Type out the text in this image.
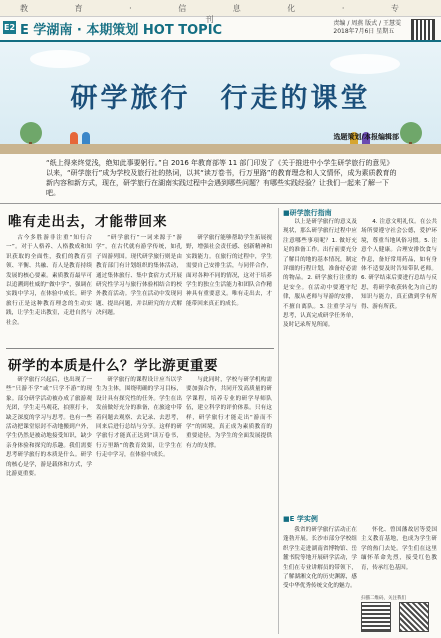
教 育 · 信 息 化 · 专 刊
E2 E 学湖南 · 本期策划 HOT TOPIC	责编 / 周燕 版式 / 王慧雯
2018年7月6日 星期五
研学旅行　行走的课堂
选题策划/本报编辑部
“纸上得来终觉浅，绝知此事要躬行。”自 2016 年教育部等 11 部门印发了《关于推进中小学生研学旅行的意见》以来，“研学旅行”成为学校及旅行社的热词，以其“读万卷书，行万里路”的教育理念和人文情怀，成为素质教育的新内容和新方式，现在，研学旅行在湖南实践过程中会遇到哪些问题？有哪些实践经验？让我们一起来了解一下吧。
唯有走出去，才能带回来

古今多胜游非注重“知行合一”。对于人格养、人格教成和知识获取的全面性，我们的教育引领、平衡、共融、育人是教育持续发展的核心要素。素质教育最早可以追溯到杜威的“做中学”，强调在实践中学习，在体验中成长。研学旅行正是这种教育理念的生动实践，让学生走出教室，走进自然与社会。

“研学旅行”一词来源于“游学”，在古代就有游学传统，如孔子周游列国。现代研学旅行则是由教育部门有计划组织的集体活动，通过集体旅行、集中食宿方式开展研究性学习与旅行体验相结合的校外教育活动。学生在活动中发现问题、提出问题，并以研究的方式解决问题。

研学旅行能够帮助学生拓展视野，增强社会责任感、创新精神和实践能力。在旅行的过程中，学生需要自己安排生活，与同伴合作，面对各种不同的情况，这对于培养学生的独立生活能力和团队合作精神具有重要意义。唯有走出去，才能带回来真正的成长。

研学的本质是什么？学比游更重要

研学旅行兴起后，也出现了一些“只游不学”或“只学不游”的现象。部分研学活动被办成了旅游观光团，学生走马观花，拍照打卡，缺乏深度的学习与思考。也有一些活动把课堂原封不动地搬到户外，学生仍然是被动地接受知识，缺少亲身体验和探究的乐趣。我们需要思考研学旅行的本质是什么。研学的核心是学，游是载体和方式，学比游更重要。

研学旅行的课程设计应当以学生为主体，围绕明确的学习目标，设计具有探究性的任务。学生在出发前做好充分的准备，在旅途中带着问题去观察、去记录、去思考，回来后进行总结与分享。这样的研学旅行才能真正达到“读万卷书，行万里路”的教育效果，让学生在行走中学习，在体验中成长。

与此同时，学校与研学机构需要加强合作，共同开发高质量的研学课程，培养专业的研学导师队伍，建立科学的评价体系。只有这样，研学旅行才能走出“游而不学”的困境，真正成为素质教育的重要途径，为学生的全面发展提供有力的支撑。

■研学旅行指南

以上是研学旅行的意义及现状，那么研学旅行过程中应注意哪些事项呢？1. 做好充足的准备工作。出行前要充分了解目的地的基本情况，制定详细的行程计划，准备好必需的物品。2. 研学旅行注重的是安全。在活动中要遵守纪律，服从老师与导游的安排，不擅自离队。3. 注重学习与思考，认真完成研学任务单，及时记录所见所闻。

4. 注意文明礼仪。在公共场所要遵守社会公德，爱护环境，尊重当地风俗习惯。5. 注意个人健康。合理安排饮食与作息，备好常用药品，如有身体不适要及时告知带队老师。6. 研学结束后要进行总结与反思，将研学收获转化为自己的知识与能力，真正做到学有所得、游有所获。

■E 学实例

我省的研学旅行活动正在蓬勃开展。长沙市部分学校组织学生走进湖南省博物馆、岳麓书院等地开展研学活动，学生们在专业讲解员的带领下，了解湖湘文化的历史渊源，感受中华优秀传统文化的魅力。

怀化、曾国藩故居等爱国主义教育基地，也成为学生研学的热门去处。学生们在这里缅怀革命先烈，接受红色教育，传承红色基因。

扫描二维码，关注我们
